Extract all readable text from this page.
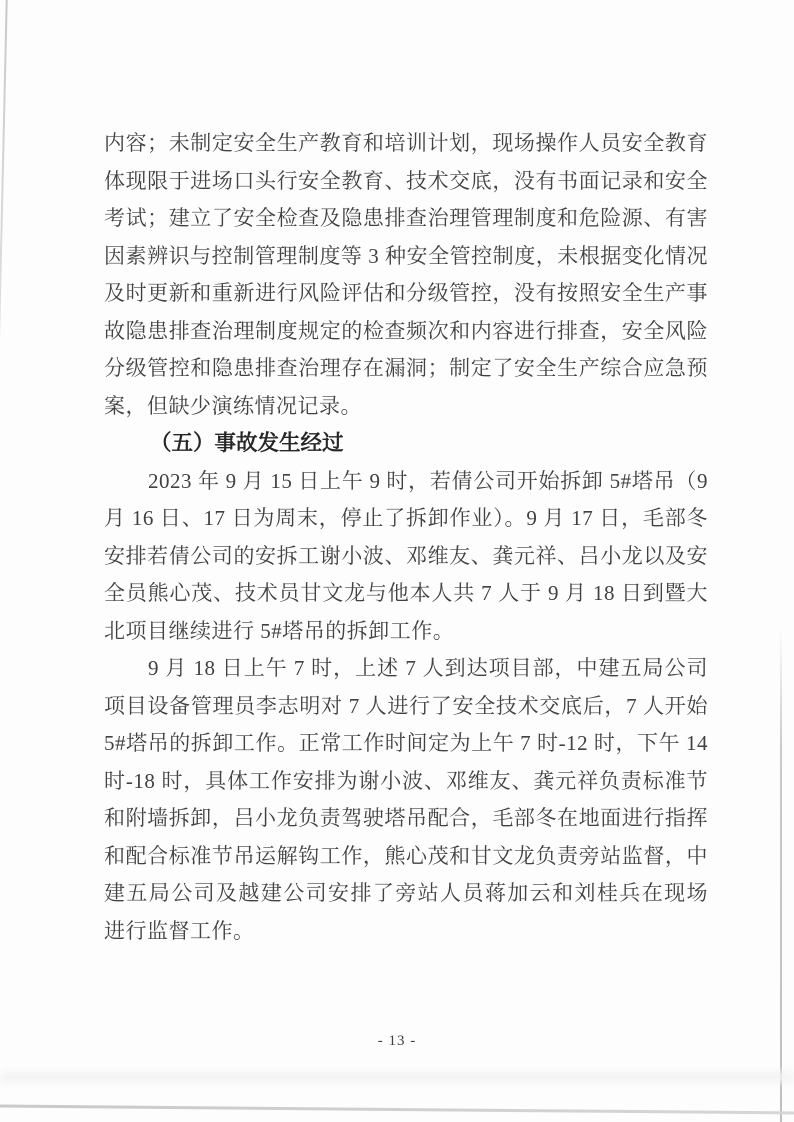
内容；未制定安全生产教育和培训计划，现场操作人员安全教育

体现限于进场口头行安全教育、技术交底，没有书面记录和安全

考试；建立了安全检查及隐患排查治理管理制度和危险源、有害

因素辨识与控制管理制度等 3 种安全管控制度，未根据变化情况

及时更新和重新进行风险评估和分级管控，没有按照安全生产事

故隐患排查治理制度规定的检查频次和内容进行排查，安全风险

分级管控和隐患排查治理存在漏洞；制定了安全生产综合应急预

案，但缺少演练情况记录。

（五）事故发生经过

2023 年 9 月 15 日上午 9 时，若倩公司开始拆卸 5#塔吊（9

月 16 日、17 日为周末，停止了拆卸作业）。9 月 17 日，毛部冬

安排若倩公司的安拆工谢小波、邓维友、龚元祥、吕小龙以及安

全员熊心茂、技术员甘文龙与他本人共 7 人于 9 月 18 日到暨大

北项目继续进行 5#塔吊的拆卸工作。

9 月 18 日上午 7 时，上述 7 人到达项目部，中建五局公司

项目设备管理员李志明对 7 人进行了安全技术交底后，7 人开始

5#塔吊的拆卸工作。正常工作时间定为上午 7 时-12 时，下午 14

时-18 时，具体工作安排为谢小波、邓维友、龚元祥负责标准节

和附墙拆卸，吕小龙负责驾驶塔吊配合，毛部冬在地面进行指挥

和配合标准节吊运解钩工作，熊心茂和甘文龙负责旁站监督，中

建五局公司及越建公司安排了旁站人员蒋加云和刘桂兵在现场

进行监督工作。

- 13 -
